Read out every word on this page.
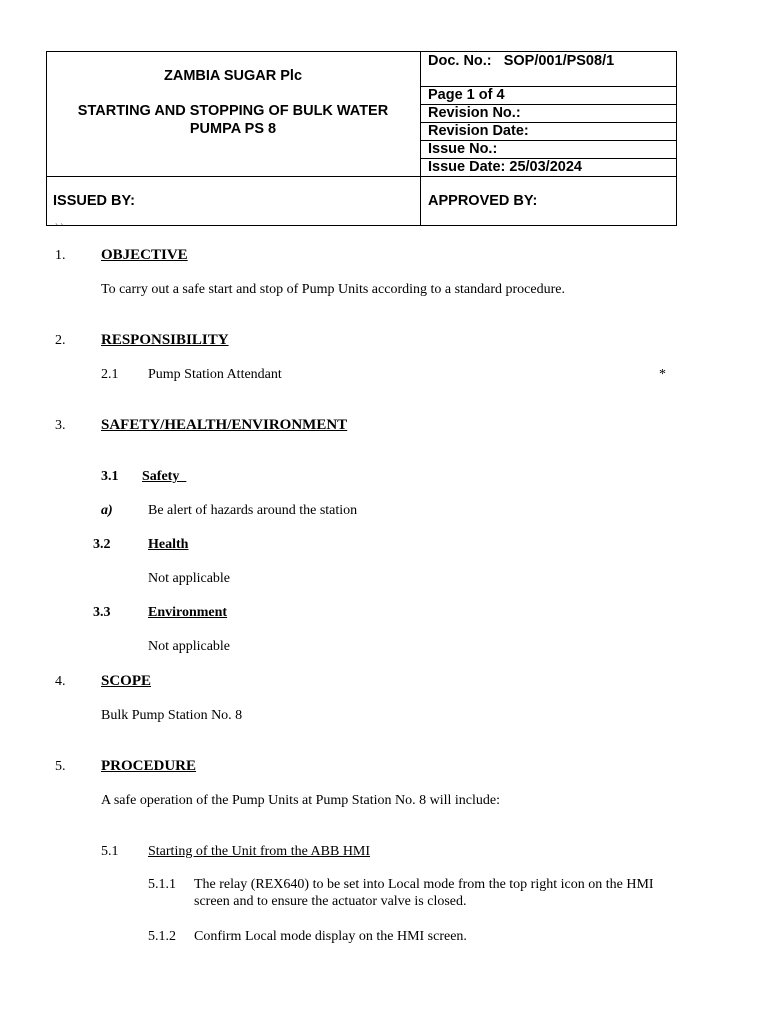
ZAMBIA SUGAR Plc
STARTING AND STOPPING OF BULK WATER
PUMPA PS 8
Doc. No.:   SOP/001/PS08/1
Page 1 of 4
Revision No.:
Revision Date:
Issue No.:
Issue Date: 25/03/2024
ISSUED BY:	APPROVED BY:
` `
1. OBJECTIVE
To carry out a safe start and stop of Pump Units according to a standard procedure.
2. RESPONSIBILITY
2.1 Pump Station Attendant	*
3. SAFETY/HEALTH/ENVIRONMENT
3.1 Safety
a)	Be alert of hazards around the station
3.2	Health
Not applicable
3.3	Environment
Not applicable
4. SCOPE
Bulk Pump Station No. 8
5. PROCEDURE
A safe operation of the Pump Units at Pump Station No. 8 will include:
5.1 Starting of the Unit from the ABB HMI
5.1.1 The relay (REX640) to be set into Local mode from the top right icon on the HMI
screen and to ensure the actuator valve is closed.
5.1.2 Confirm Local mode display on the HMI screen.
